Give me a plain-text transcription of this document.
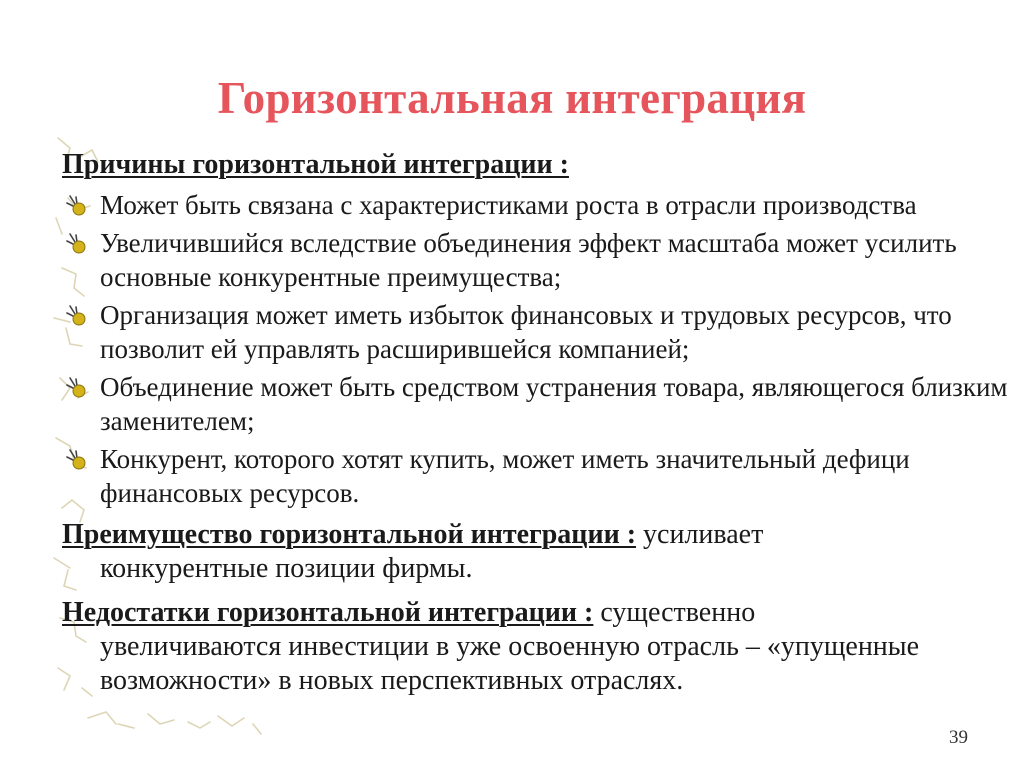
Горизонтальная интеграция

Причины горизонтальной интеграции :

Может быть связана с характеристиками роста в отрасли производства
Увеличившийся вследствие объединения эффект масштаба может усилить основные конкурентные преимущества;
Организация может иметь избыток финансовых и трудовых ресурсов, что позволит ей управлять расширившейся компанией;
Объединение может быть средством устранения товара, являющегося близким заменителем;
Конкурент, которого хотят купить, может иметь значительный дефици финансовых ресурсов.

Преимущество горизонтальной интеграции : усиливает

конкурентные позиции фирмы.

Недостатки горизонтальной интеграции : существенно

увеличиваются инвестиции в уже освоенную отрасль – «упущенные

возможности» в новых перспективных отраслях.

39
